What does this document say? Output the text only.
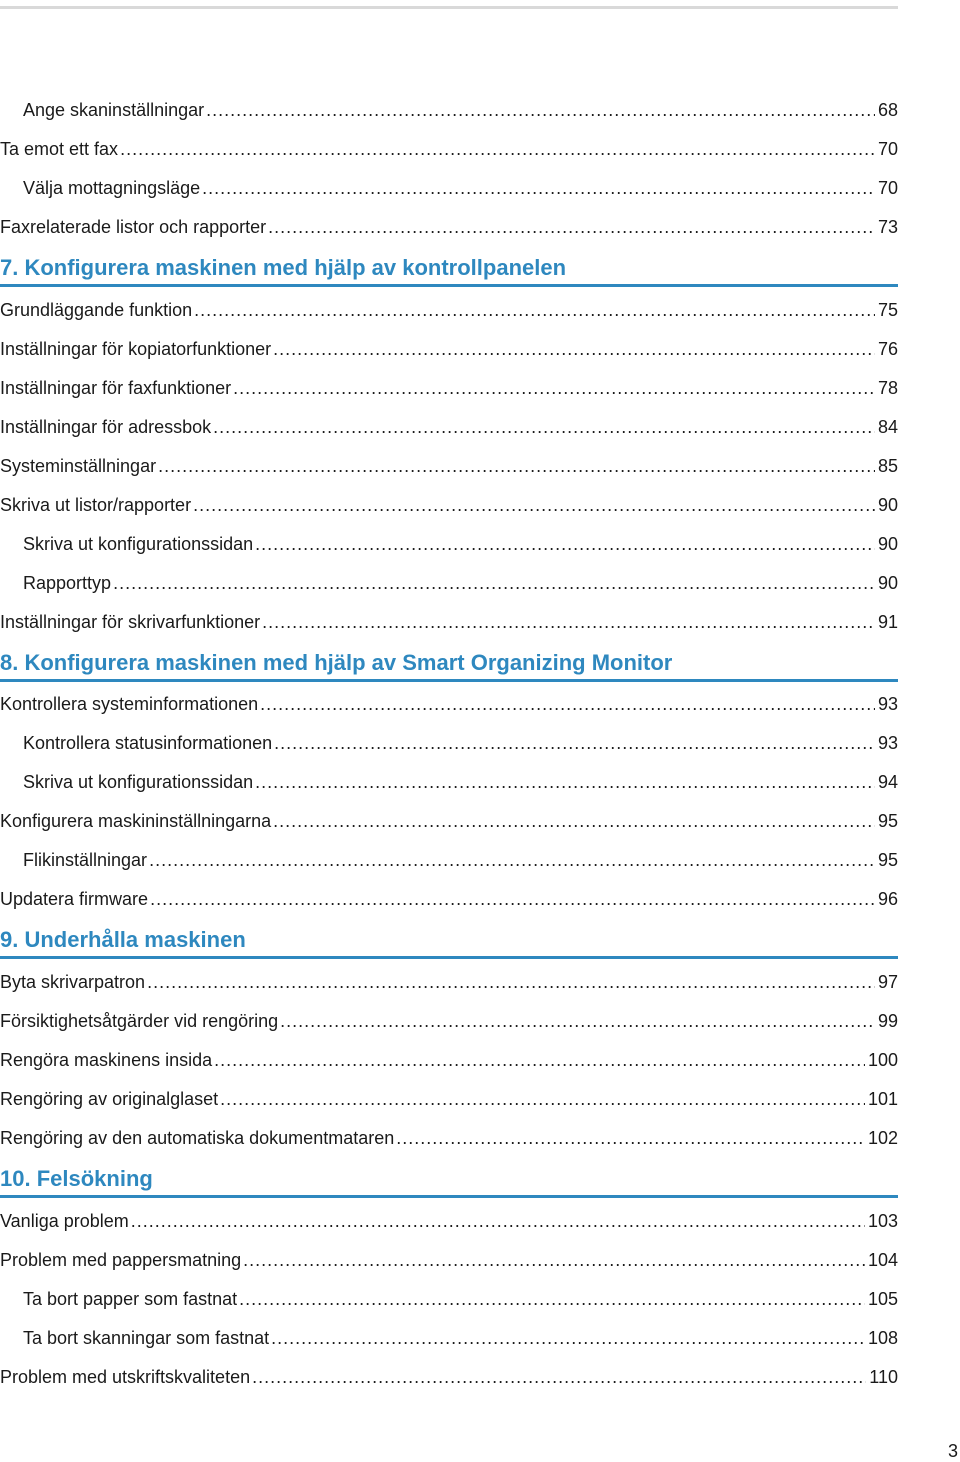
Ange skaninställningar .....	68
Ta emot ett fax .....	70
Välja mottagningsläge .....	70
Faxrelaterade listor och rapporter .....	73
7. Konfigurera maskinen med hjälp av kontrollpanelen
Grundläggande funktion .....	75
Inställningar för kopiatorfunktioner .....	76
Inställningar för faxfunktioner .....	78
Inställningar för adressbok .....	84
Systeminställningar .....	85
Skriva ut listor/rapporter .....	90
Skriva ut konfigurationssidan .....	90
Rapporttyp .....	90
Inställningar för skrivarfunktioner .....	91
8. Konfigurera maskinen med hjälp av Smart Organizing Monitor
Kontrollera systeminformationen .....	93
Kontrollera statusinformationen .....	93
Skriva ut konfigurationssidan .....	94
Konfigurera maskininställningarna .....	95
Flikinställningar .....	95
Updatera firmware .....	96
9. Underhålla maskinen
Byta skrivarpatron .....	97
Försiktighetsåtgärder vid rengöring .....	99
Rengöra maskinens insida .....	100
Rengöring av originalglaset .....	101
Rengöring av den automatiska dokumentmataren .....	102
10. Felsökning
Vanliga problem .....	103
Problem med pappersmatning .....	104
Ta bort papper som fastnat .....	105
Ta bort skanningar som fastnat .....	108
Problem med utskriftskvaliteten .....	110
3
